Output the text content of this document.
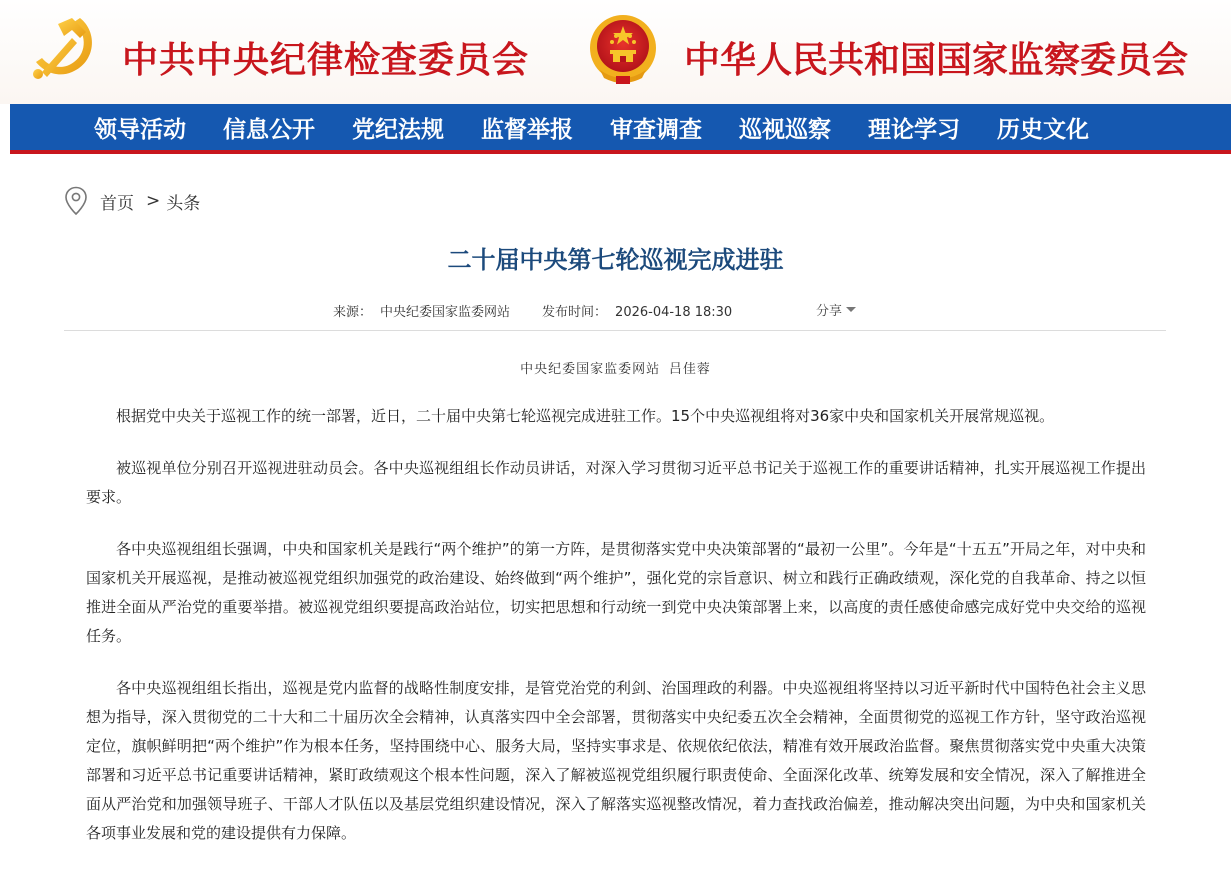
中共中央纪律检查委员会	中华人民共和国国家监察委员会
领导活动 信息公开 党纪法规 监督举报 审查调查 巡视巡察 理论学习 历史文化
首页 > 头条
二十届中央第七轮巡视完成进驻
来源： 中央纪委国家监委网站 发布时间： 2026-04-18 18:30	分享
中央纪委国家监委网站 吕佳蓉

根据党中央关于巡视工作的统一部署，近日，二十届中央第七轮巡视完成进驻工作。15个中央巡视组将对36家中央和国家机关开展常规巡视。

被巡视单位分别召开巡视进驻动员会。各中央巡视组组长作动员讲话，对深入学习贯彻习近平总书记关于巡视工作的重要讲话精神，扎实开展巡视工作提出要求。

各中央巡视组组长强调，中央和国家机关是践行“两个维护”的第一方阵，是贯彻落实党中央决策部署的“最初一公里”。今年是“十五五”开局之年，对中央和国家机关开展巡视，是推动被巡视党组织加强党的政治建设、始终做到“两个维护”，强化党的宗旨意识、树立和践行正确政绩观，深化党的自我革命、持之以恒推进全面从严治党的重要举措。被巡视党组织要提高政治站位，切实把思想和行动统一到党中央决策部署上来，以高度的责任感使命感完成好党中央交给的巡视任务。

各中央巡视组组长指出，巡视是党内监督的战略性制度安排，是管党治党的利剑、治国理政的利器。中央巡视组将坚持以习近平新时代中国特色社会主义思想为指导，深入贯彻党的二十大和二十届历次全会精神，认真落实四中全会部署，贯彻落实中央纪委五次全会精神，全面贯彻党的巡视工作方针，坚守政治巡视定位，旗帜鲜明把“两个维护”作为根本任务，坚持围绕中心、服务大局，坚持实事求是、依规依纪依法，精准有效开展政治监督。聚焦贯彻落实党中央重大决策部署和习近平总书记重要讲话精神，紧盯政绩观这个根本性问题，深入了解被巡视党组织履行职责使命、全面深化改革、统筹发展和安全情况，深入了解推进全面从严治党和加强领导班子、干部人才队伍以及基层党组织建设情况，深入了解落实巡视整改情况，着力查找政治偏差，推动解决突出问题，为中央和国家机关各项事业发展和党的建设提供有力保障。
